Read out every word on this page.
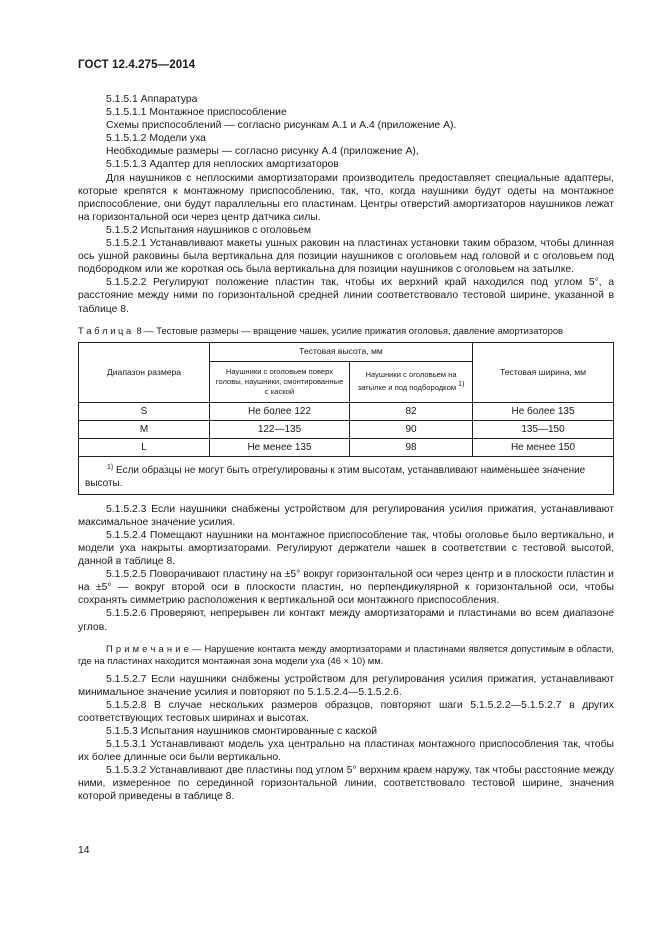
ГОСТ 12.4.275—2014

5.1.5.1 Аппаратура

5.1.5.1.1 Монтажное приспособление

Схемы приспособлений — согласно рисункам А.1 и А.4 (приложение А).

5.1.5.1.2 Модели уха

Необходимые размеры — согласно рисунку А.4 (приложение А),

5.1.5.1.3 Адаптер для неплоских амортизаторов

Для наушников с неплоскими амортизаторами производитель предоставляет специальные адаптеры, которые крепятся к монтажному приспособлению, так, что, когда наушники будут одеты на монтажное приспособление, они будут параллельны его пластинам. Центры отверстий амортизаторов наушников лежат на горизонтальной оси через центр датчика силы.

5.1.5.2 Испытания наушников с оголовьем

5.1.5.2.1 Устанавливают макеты ушных раковин на пластинах установки таким образом, чтобы длинная ось ушной раковины была вертикальна для позиции наушников с оголовьем над головой и с оголовьем под подбородком или же короткая ось была вертикальна для позиции наушников с оголовьем на затылке.

5.1.5.2.2 Регулируют положение пластин так, чтобы их верхний край находился под углом 5°, а расстояние между ними по горизонтальной средней линии соответствовало тестовой ширине, указанной в таблице 8.

Т а б л и ц а 8 — Тестовые размеры — вращение чашек, усилие прижатия оголовья, давление амортизаторов

Диапазон размера	Тестовая высота, мм		Тестовая ширина, мм
	Наушники с оголовьем поверх головы, наушники, смонтированные с каской	Наушники с оголовьем на затылке и под подбородком $^{1)}$
S	Не более 122	82	Не более 135
M	122—135	90	135—150
L	Не менее 135	98	Не менее 150
$^{1)}$ Если образцы не могут быть отрегулированы к этим высотам, устанавливают наименьшее значение высоты.			

5.1.5.2.3 Если наушники снабжены устройством для регулирования усилия прижатия, устанавливают максимальное значение усилия.

5.1.5.2.4 Помещают наушники на монтажное приспособление так, чтобы оголовье было вертикально, и модели уха накрыты амортизаторами. Регулируют держатели чашек в соответствии с тестовой высотой, данной в таблице 8.

5.1.5.2.5 Поворачивают пластину на ±5° вокруг горизонтальной оси через центр и в плоскости пластин и на ±5° — вокруг второй оси в плоскости пластин, но перпендикулярной к горизонтальной оси, чтобы сохранять симметрию расположения к вертикальной оси монтажного приспособления.

5.1.5.2.6 Проверяют, непрерывен ли контакт между амортизаторами и пластинами во всем диапазоне углов.

П р и м е ч а н и е — Нарушение контакта между амортизаторами и пластинами является допустимым в области, где на пластинах находится монтажная зона модели уха (46 × 10) мм.

5.1.5.2.7 Если наушники снабжены устройством для регулирования усилия прижатия, устанавливают минимальное значение усилия и повторяют по 5.1.5.2.4—5.1.5.2.6.

5.1.5.2.8 В случае нескольких размеров образцов, повторяют шаги 5.1.5.2.2—5.1.5.2.7 в других соответствующих тестовых ширинах и высотах.

5.1.5.3 Испытания наушников смонтированные с каской

5.1.5.3.1 Устанавливают модель уха центрально на пластинах монтажного приспособления так, чтобы их более длинные оси были вертикально.

5.1.5.3.2 Устанавливают две пластины под углом 5° верхним краем наружу, так чтобы расстояние между ними, измеренное по серединной горизонтальной линии, соответствовало тестовой ширине, значения которой приведены в таблице 8.

14
